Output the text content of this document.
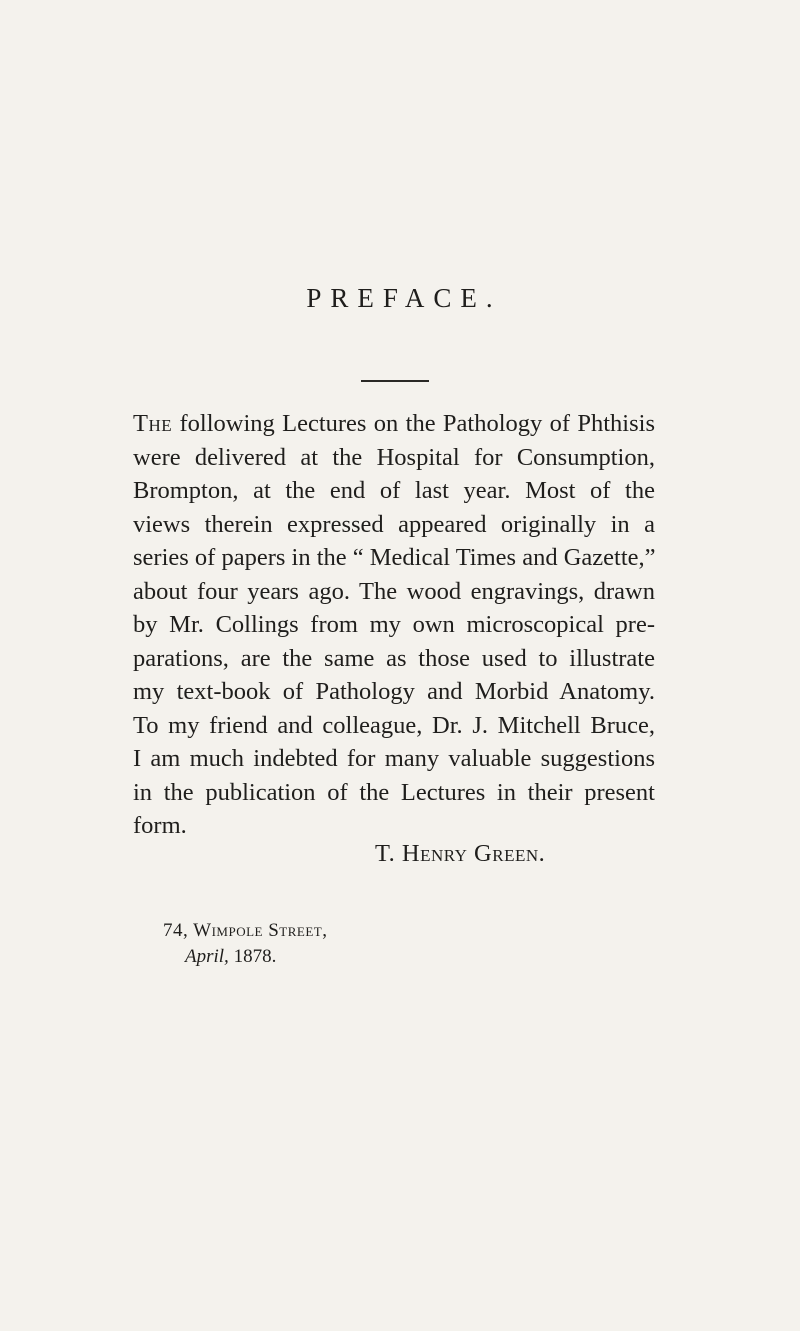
PREFACE.
The following Lectures on the Pathology of Phthisis
were delivered at the Hospital for Consumption,
Brompton, at the end of last year. Most of the
views therein expressed appeared originally in a
series of papers in the “ Medical Times and Gazette,”
about four years ago. The wood engravings, drawn
by Mr. Collings from my own microscopical pre-
parations, are the same as those used to illustrate
my text-book of Pathology and Morbid Anatomy.
To my friend and colleague, Dr. J. Mitchell Bruce,
I am much indebted for many valuable suggestions
in the publication of the Lectures in their present
form.
T. Henry Green.
74, Wimpole Street,
April, 1878.
